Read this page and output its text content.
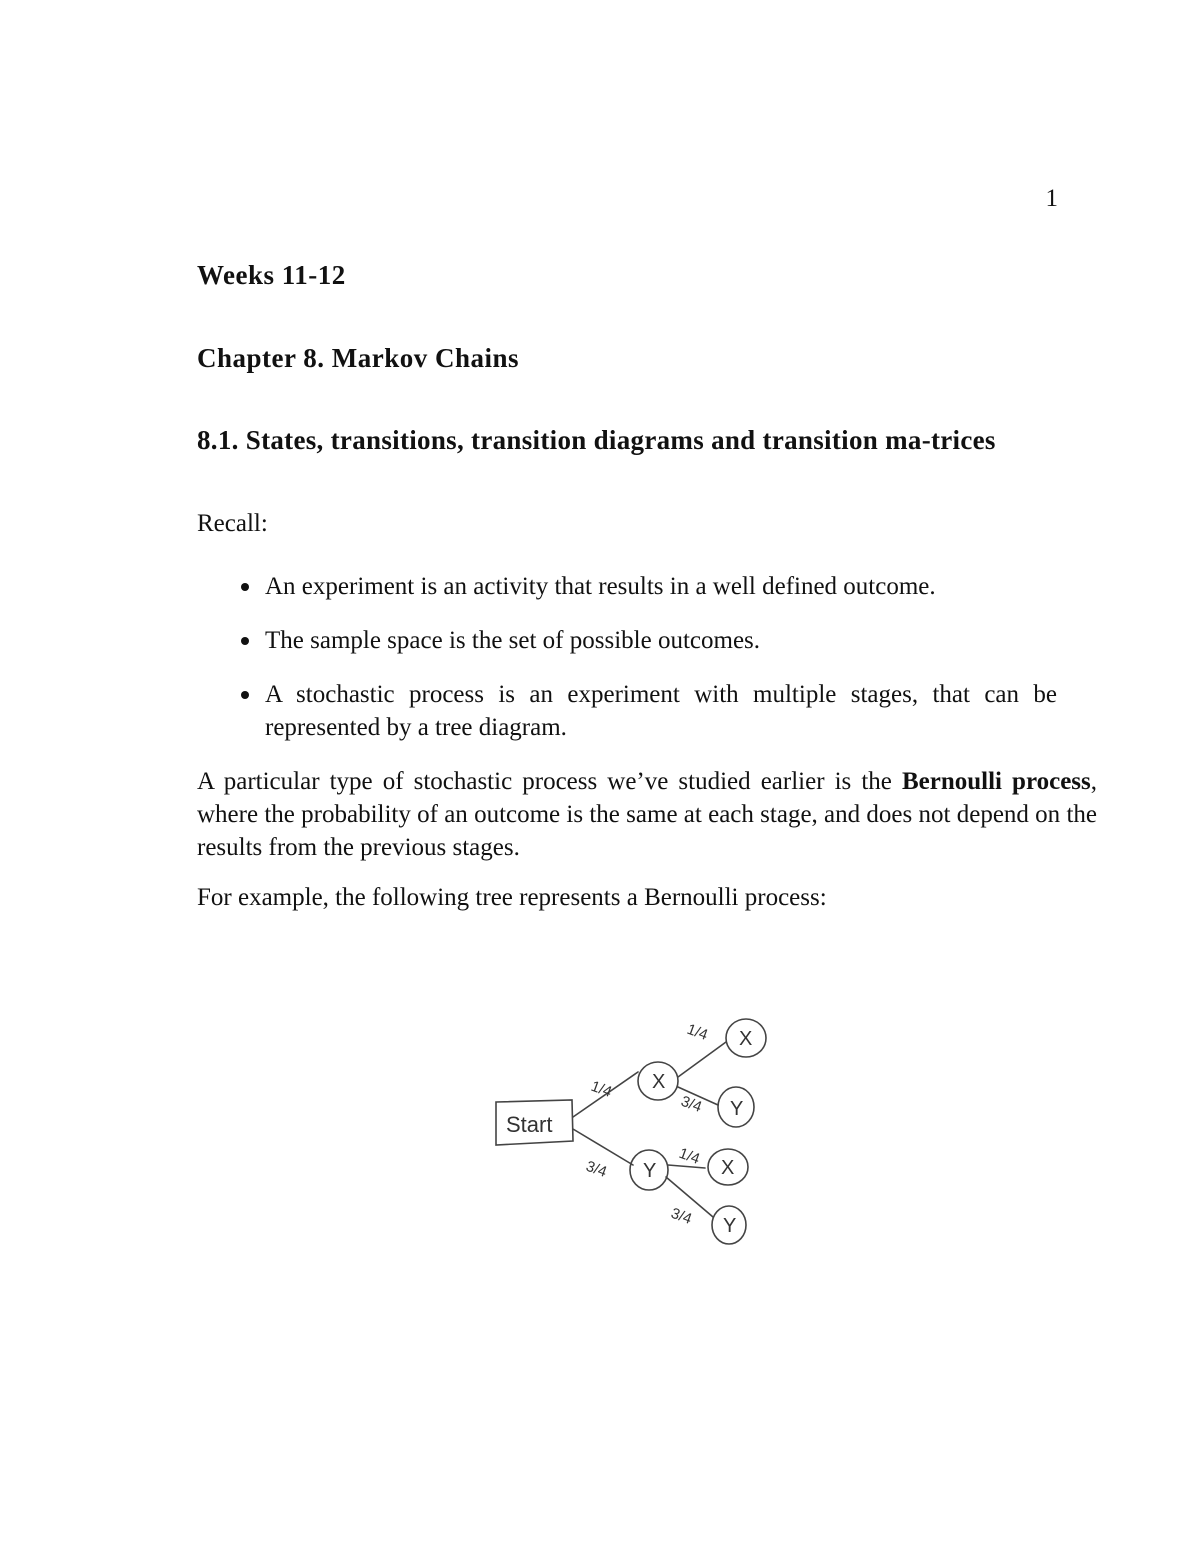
1
Weeks 11-12
Chapter 8. Markov Chains
8.1. States, transitions, transition diagrams and transition ma-trices

Recall:

An experiment is an activity that results in a well defined outcome.
The sample space is the set of possible outcomes.
A stochastic process is an experiment with multiple stages, that can be represented by a tree diagram.

A particular type of stochastic process we’ve studied earlier is the Bernoulli process, where the probability of an outcome is the same at each stage, and does not depend on the results from the previous stages.

For example, the following tree represents a Bernoulli process:

Start
X
Y
X
Y
X
Y
1/4
3/4
1/4
3/4
1/4
3/4
